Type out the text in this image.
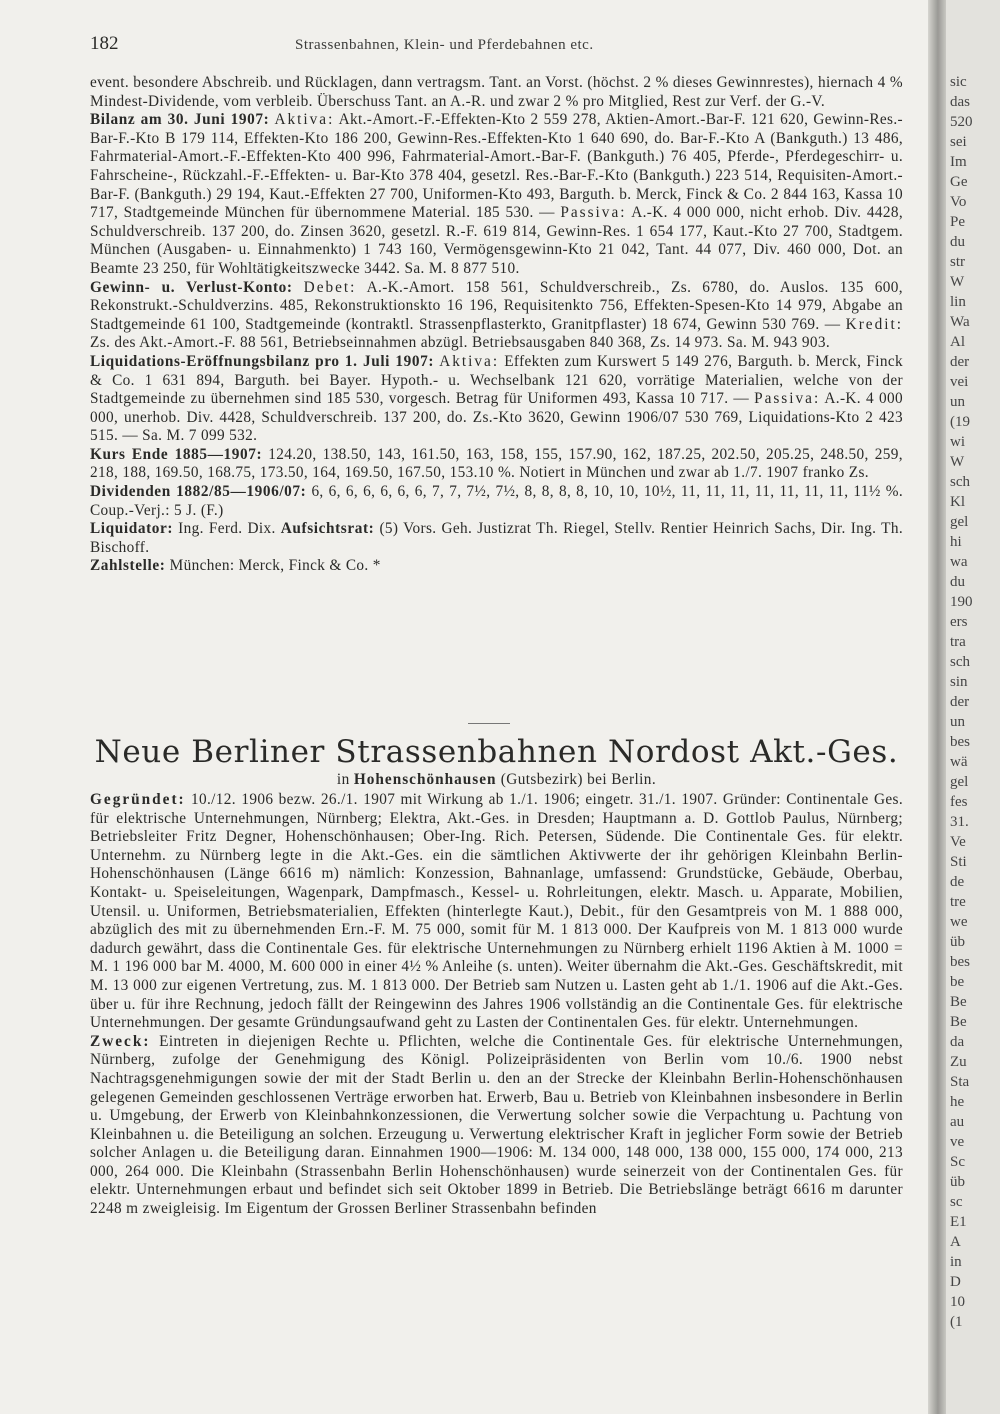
182	Strassenbahnen, Klein- und Pferdebahnen etc.

event. besondere Abschreib. und Rücklagen, dann vertragsm. Tant. an Vorst. (höchst. 2 % dieses Gewinnrestes), hiernach 4 % Mindest-Dividende, vom verbleib. Überschuss Tant. an A.-R. und zwar 2 % pro Mitglied, Rest zur Verf. der G.-V.

Bilanz am 30. Juni 1907: Aktiva: Akt.-Amort.-F.-Effekten-Kto 2 559 278, Aktien-Amort.-Bar-F. 121 620, Gewinn-Res.-Bar-F.-Kto B 179 114, Effekten-Kto 186 200, Gewinn-Res.-Effekten-Kto 1 640 690, do. Bar-F.-Kto A (Bankguth.) 13 486, Fahrmaterial-Amort.-F.-Effekten-Kto 400 996, Fahrmaterial-Amort.-Bar-F. (Bankguth.) 76 405, Pferde-, Pferdegeschirr- u. Fahrscheine-, Rückzahl.-F.-Effekten- u. Bar-Kto 378 404, gesetzl. Res.-Bar-F.-Kto (Bankguth.) 223 514, Requisiten-Amort.-Bar-F. (Bankguth.) 29 194, Kaut.-Effekten 27 700, Uniformen-Kto 493, Barguth. b. Merck, Finck & Co. 2 844 163, Kassa 10 717, Stadtgemeinde München für übernommene Material. 185 530. — Passiva: A.-K. 4 000 000, nicht erhob. Div. 4428, Schuldverschreib. 137 200, do. Zinsen 3620, gesetzl. R.-F. 619 814, Gewinn-Res. 1 654 177, Kaut.-Kto 27 700, Stadtgem. München (Ausgaben- u. Einnahmenkto) 1 743 160, Vermögensgewinn-Kto 21 042, Tant. 44 077, Div. 460 000, Dot. an Beamte 23 250, für Wohltätigkeitszwecke 3442. Sa. M. 8 877 510.

Gewinn- u. Verlust-Konto: Debet: A.-K.-Amort. 158 561, Schuldverschreib., Zs. 6780, do. Auslos. 135 600, Rekonstrukt.-Schuldverzins. 485, Rekonstruktionskto 16 196, Requisitenkto 756, Effekten-Spesen-Kto 14 979, Abgabe an Stadtgemeinde 61 100, Stadtgemeinde (kontraktl. Strassenpflasterkto, Granitpflaster) 18 674, Gewinn 530 769. — Kredit: Zs. des Akt.-Amort.-F. 88 561, Betriebseinnahmen abzügl. Betriebsausgaben 840 368, Zs. 14 973. Sa. M. 943 903.

Liquidations-Eröffnungsbilanz pro 1. Juli 1907: Aktiva: Effekten zum Kurswert 5 149 276, Barguth. b. Merck, Finck & Co. 1 631 894, Barguth. bei Bayer. Hypoth.- u. Wechselbank 121 620, vorrätige Materialien, welche von der Stadtgemeinde zu übernehmen sind 185 530, vorgesch. Betrag für Uniformen 493, Kassa 10 717. — Passiva: A.-K. 4 000 000, unerhob. Div. 4428, Schuldverschreib. 137 200, do. Zs.-Kto 3620, Gewinn 1906/07 530 769, Liquidations-Kto 2 423 515. — Sa. M. 7 099 532.

Kurs Ende 1885—1907: 124.20, 138.50, 143, 161.50, 163, 158, 155, 157.90, 162, 187.25, 202.50, 205.25, 248.50, 259, 218, 188, 169.50, 168.75, 173.50, 164, 169.50, 167.50, 153.10 %. Notiert in München und zwar ab 1./7. 1907 franko Zs.

Dividenden 1882/85—1906/07: 6, 6, 6, 6, 6, 6, 6, 7, 7, 7½, 7½, 8, 8, 8, 8, 10, 10, 10½, 11, 11, 11, 11, 11, 11, 11, 11½ %. Coup.-Verj.: 5 J. (F.)

Liquidator: Ing. Ferd. Dix. Aufsichtsrat: (5) Vors. Geh. Justizrat Th. Riegel, Stellv. Rentier Heinrich Sachs, Dir. Ing. Th. Bischoff.

Zahlstelle: München: Merck, Finck & Co. *

Neue Berliner Strassenbahnen Nordost Akt.-Ges.
in Hohenschönhausen (Gutsbezirk) bei Berlin.

Gegründet: 10./12. 1906 bezw. 26./1. 1907 mit Wirkung ab 1./1. 1906; eingetr. 31./1. 1907. Gründer: Continentale Ges. für elektrische Unternehmungen, Nürnberg; Elektra, Akt.-Ges. in Dresden; Hauptmann a. D. Gottlob Paulus, Nürnberg; Betriebsleiter Fritz Degner, Hohenschönhausen; Ober-Ing. Rich. Petersen, Südende. Die Continentale Ges. für elektr. Unternehm. zu Nürnberg legte in die Akt.-Ges. ein die sämtlichen Aktivwerte der ihr gehörigen Kleinbahn Berlin-Hohenschönhausen (Länge 6616 m) nämlich: Konzession, Bahnanlage, umfassend: Grundstücke, Gebäude, Oberbau, Kontakt- u. Speiseleitungen, Wagenpark, Dampfmasch., Kessel- u. Rohrleitungen, elektr. Masch. u. Apparate, Mobilien, Utensil. u. Uniformen, Betriebsmaterialien, Effekten (hinterlegte Kaut.), Debit., für den Gesamtpreis von M. 1 888 000, abzüglich des mit zu übernehmenden Ern.-F. M. 75 000, somit für M. 1 813 000. Der Kaufpreis von M. 1 813 000 wurde dadurch gewährt, dass die Continentale Ges. für elektrische Unternehmungen zu Nürnberg erhielt 1196 Aktien à M. 1000 = M. 1 196 000 bar M. 4000, M. 600 000 in einer 4½ % Anleihe (s. unten). Weiter übernahm die Akt.-Ges. Geschäftskredit, mit M. 13 000 zur eigenen Vertretung, zus. M. 1 813 000. Der Betrieb sam Nutzen u. Lasten geht ab 1./1. 1906 auf die Akt.-Ges. über u. für ihre Rechnung, jedoch fällt der Reingewinn des Jahres 1906 vollständig an die Continentale Ges. für elektrische Unternehmungen. Der gesamte Gründungsaufwand geht zu Lasten der Continentalen Ges. für elektr. Unternehmungen.

Zweck: Eintreten in diejenigen Rechte u. Pflichten, welche die Continentale Ges. für elektrische Unternehmungen, Nürnberg, zufolge der Genehmigung des Königl. Polizeipräsidenten von Berlin vom 10./6. 1900 nebst Nachtragsgenehmigungen sowie der mit der Stadt Berlin u. den an der Strecke der Kleinbahn Berlin-Hohenschönhausen gelegenen Gemeinden geschlossenen Verträge erworben hat. Erwerb, Bau u. Betrieb von Kleinbahnen insbesondere in Berlin u. Umgebung, der Erwerb von Kleinbahnkonzessionen, die Verwertung solcher sowie die Verpachtung u. Pachtung von Kleinbahnen u. die Beteiligung an solchen. Erzeugung u. Verwertung elektrischer Kraft in jeglicher Form sowie der Betrieb solcher Anlagen u. die Beteiligung daran. Einnahmen 1900—1906: M. 134 000, 148 000, 138 000, 155 000, 174 000, 213 000, 264 000. Die Kleinbahn (Strassenbahn Berlin Hohenschönhausen) wurde seinerzeit von der Continentalen Ges. für elektr. Unternehmungen erbaut und befindet sich seit Oktober 1899 in Betrieb. Die Betriebslänge beträgt 6616 m darunter 2248 m zweigleisig. Im Eigentum der Grossen Berliner Strassenbahn befinden

sic
das
520
sei
Im
Ge
Vo
Pe
du
str
W
lin
Wa
Al
der
vei
un
(19
wi
W
sch
Kl
gel
hi
wa
du
190
ers
tra
sch
sin
der
un
bes
wä
gel
fes
31.
Ve
Sti
de
tre
we
üb
bes
be
Be
Be
da
Zu
Sta
he
au
ve
Sc
üb
sc
E1
A
in
D
10
(1
